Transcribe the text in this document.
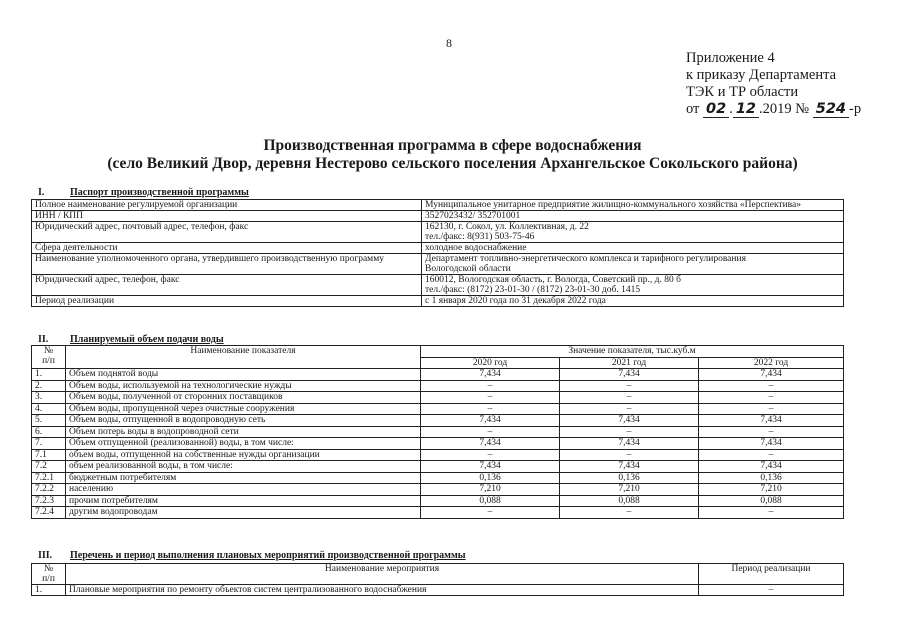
8
Приложение 4
к приказу Департамента
ТЭК и ТР области
от 02 . 12 .2019 № 524 -р
Производственная программа в сфере водоснабжения
(село Великий Двор, деревня Нестерово сельского поселения Архангельское Сокольского района)
I.	Паспорт производственной программы
Полное наименование регулируемой организации	Муниципальное унитарное предприятие жилищно-коммунального хозяйства «Перспектива»

ИНН / КПП	3527023432/ 352701001

Юридический адрес, почтовый адрес, телефон, факс	162130, г. Сокол, ул. Коллективная, д. 22
тел./факс: 8(931) 503-75-46

Сфера деятельности	холодное водоснабжение

Наименование уполномоченного органа, утвердившего производственную программу	Департамент топливно-энергетического комплекса и тарифного регулирования
Вологодской области

Юридический адрес, телефон, факс	160012, Вологодская область, г. Вологда, Советский пр., д. 80 б
тел./факс: (8172) 23-01-30 / (8172) 23-01-30 доб. 1415

Период реализации	с 1 января 2020 года по 31 декабря 2022 года
II. Планируемый объем подачи воды
№
п/п	Наименование показателя	Значение показателя, тыс.куб.м		
		2020 год	2021 год	2022 год
1.	Объем поднятой воды	7,434	7,434	7,434
2.	Объем воды, используемой на технологические нужды	–	–	–
3.	Объем воды, полученной от сторонних поставщиков	–	–	–
4.	Объем воды, пропущенной через очистные сооружения	–	–	–
5.	Объем воды, отпущенной в водопроводную сеть	7,434	7,434	7,434
6.	Объем потерь воды в водопроводной сети	–	–	–
7.	Объем отпущенной (реализованной) воды, в том числе:	7,434	7,434	7,434
7.1	объем воды, отпущенной на собственные нужды организации	–	–	–
7.2	объем реализованной воды, в том числе:	7,434	7,434	7,434
7.2.1	бюджетным потребителям	0,136	0,136	0,136
7.2.2	населению	7,210	7,210	7,210
7.2.3	прочим потребителям	0,088	0,088	0,088
7.2.4	другим водопроводам	–	–	–
III. Перечень и период выполнения плановых мероприятий производственной программы
№
п/п	Наименование мероприятия	Период реализации
1.	Плановые мероприятия по ремонту объектов систем централизованного водоснабжения	–
